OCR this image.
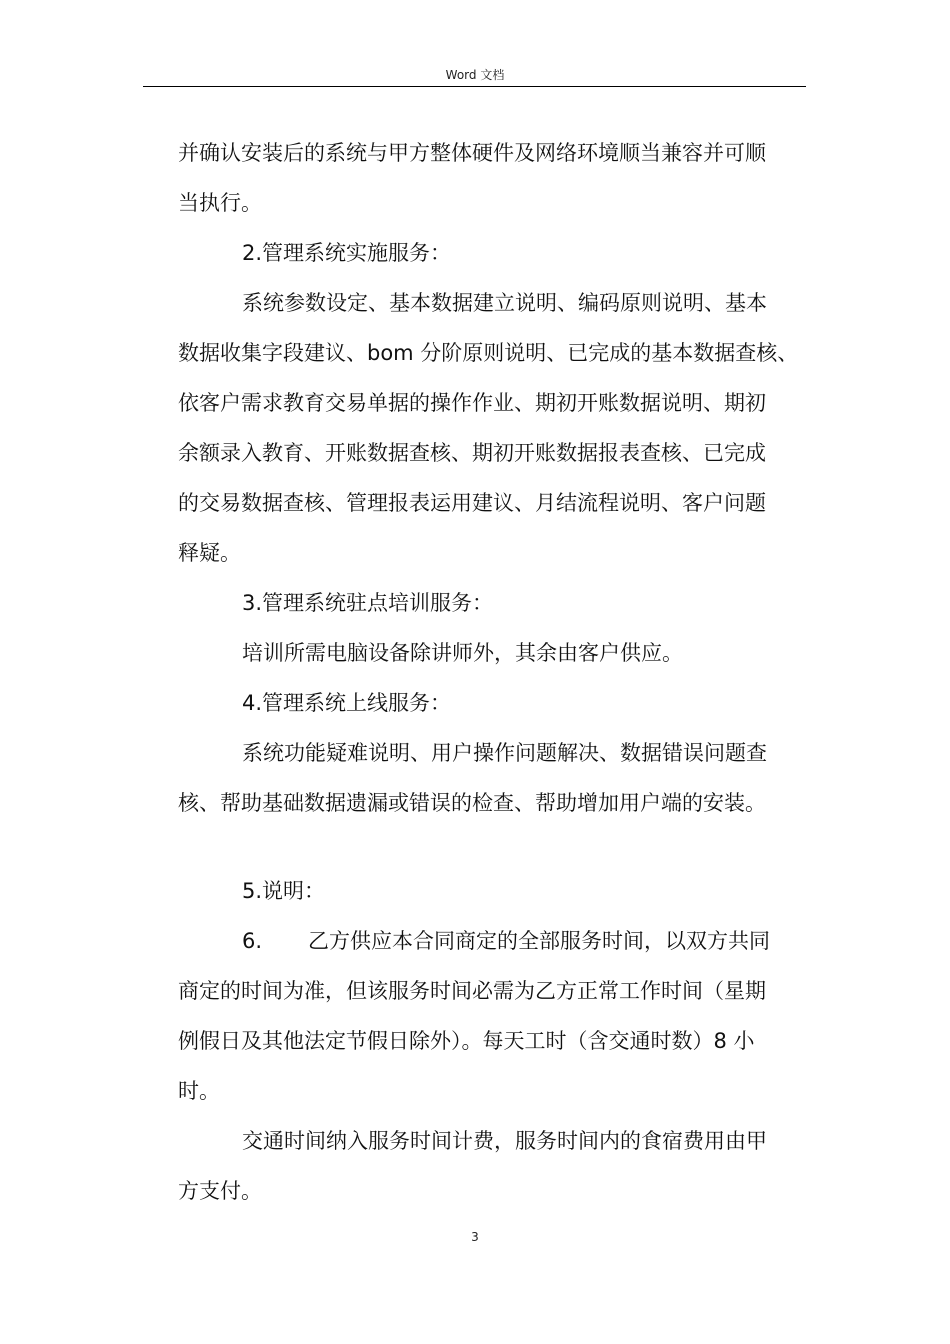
Word 文档

并确认安装后的系统与甲方整体硬件及网络环境顺当兼容并可顺

当执行。

2.管理系统实施服务：

系统参数设定、基本数据建立说明、编码原则说明、基本

数据收集字段建议、bom 分阶原则说明、已完成的基本数据查核、

依客户需求教育交易单据的操作作业、期初开账数据说明、期初

余额录入教育、开账数据查核、期初开账数据报表查核、已完成

的交易数据查核、管理报表运用建议、月结流程说明、客户问题

释疑。

3.管理系统驻点培训服务：

培训所需电脑设备除讲师外，其余由客户供应。

4.管理系统上线服务：

系统功能疑难说明、用户操作问题解决、数据错误问题查

核、帮助基础数据遗漏或错误的检查、帮助增加用户端的安装。

5.说明：

6. 乙方供应本合同商定的全部服务时间，以双方共同

商定的时间为准，但该服务时间必需为乙方正常工作时间（星期

例假日及其他法定节假日除外）。每天工时（含交通时数）8 小

时。

交通时间纳入服务时间计费，服务时间内的食宿费用由甲

方支付。

3
